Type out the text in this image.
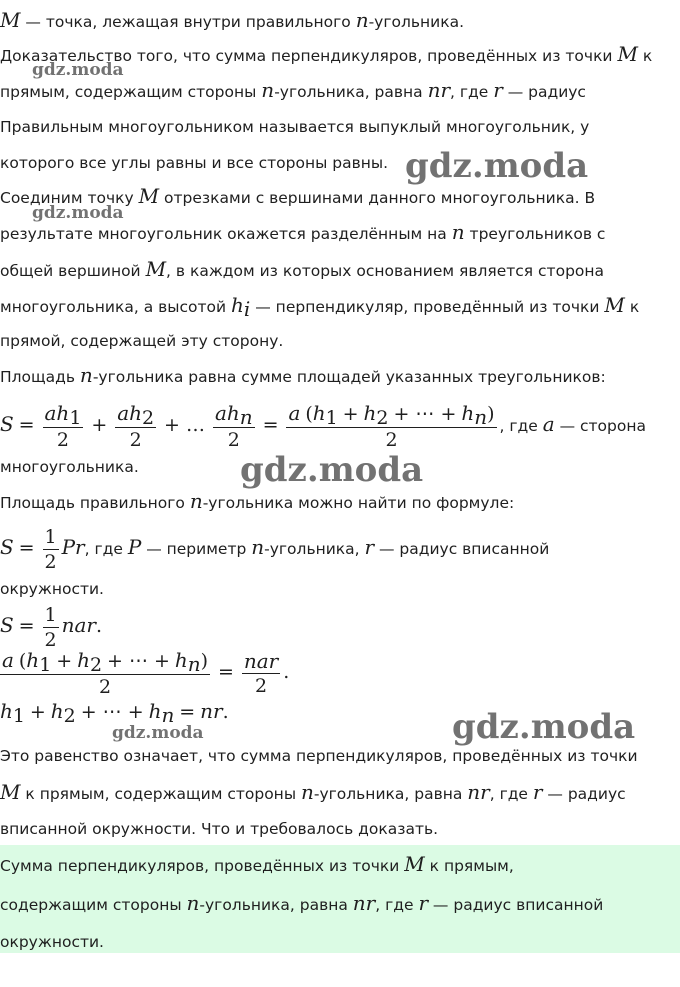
M — точка, лежащая внутри правильного n-угольника.
Доказательство того, что сумма перпендикуляров, проведённых из точки M к
прямым, содержащим стороны n-угольника, равна nr, где r — радиус
Правильным многоугольником называется выпуклый многоугольник, у
которого все углы равны и все стороны равны.
Соединим точку M отрезками с вершинами данного многоугольника. В
результате многоугольник окажется разделённым на n треугольников с
общей вершиной M, в каждом из которых основанием является сторона
многоугольника, а высотой $h_i$ — перпендикуляр, проведённый из точки M к
прямой, содержащей эту сторону.
Площадь n-угольника равна сумме площадей указанных треугольников:
$S = \frac{ah_1}{2} + \frac{ah_2}{2}$ + … $\frac{ah_n}{2} = \frac{a (h_1 + h_2 + \cdots + h_n)}{2}$ , где a — сторона
многоугольника.
Площадь правильного n-угольника можно найти по формуле:
$S = \frac{1}{2} Pr$, где P — периметр n-угольника, r — радиус вписанной
окружности.
$S = \frac{1}{2}$ nar.
$\frac{a (h_1 + h_2 + \cdots + h_n)}{2} = \frac{\text{nar}}{2}$ .
$h_1 + h_2$ + ⋯ + $h_n$ = nr.
Это равенство означает, что сумма перпендикуляров, проведённых из точки
M к прямым, содержащим стороны n-угольника, равна nr, где r — радиус
вписанной окружности. Что и требовалось доказать.
Сумма перпендикуляров, проведённых из точки M к прямым,
содержащим стороны n-угольника, равна nr, где r — радиус вписанной
окружности.
gdz.moda
gdz.moda
gdz.moda
gdz.moda
gdz.moda
gdz.moda
